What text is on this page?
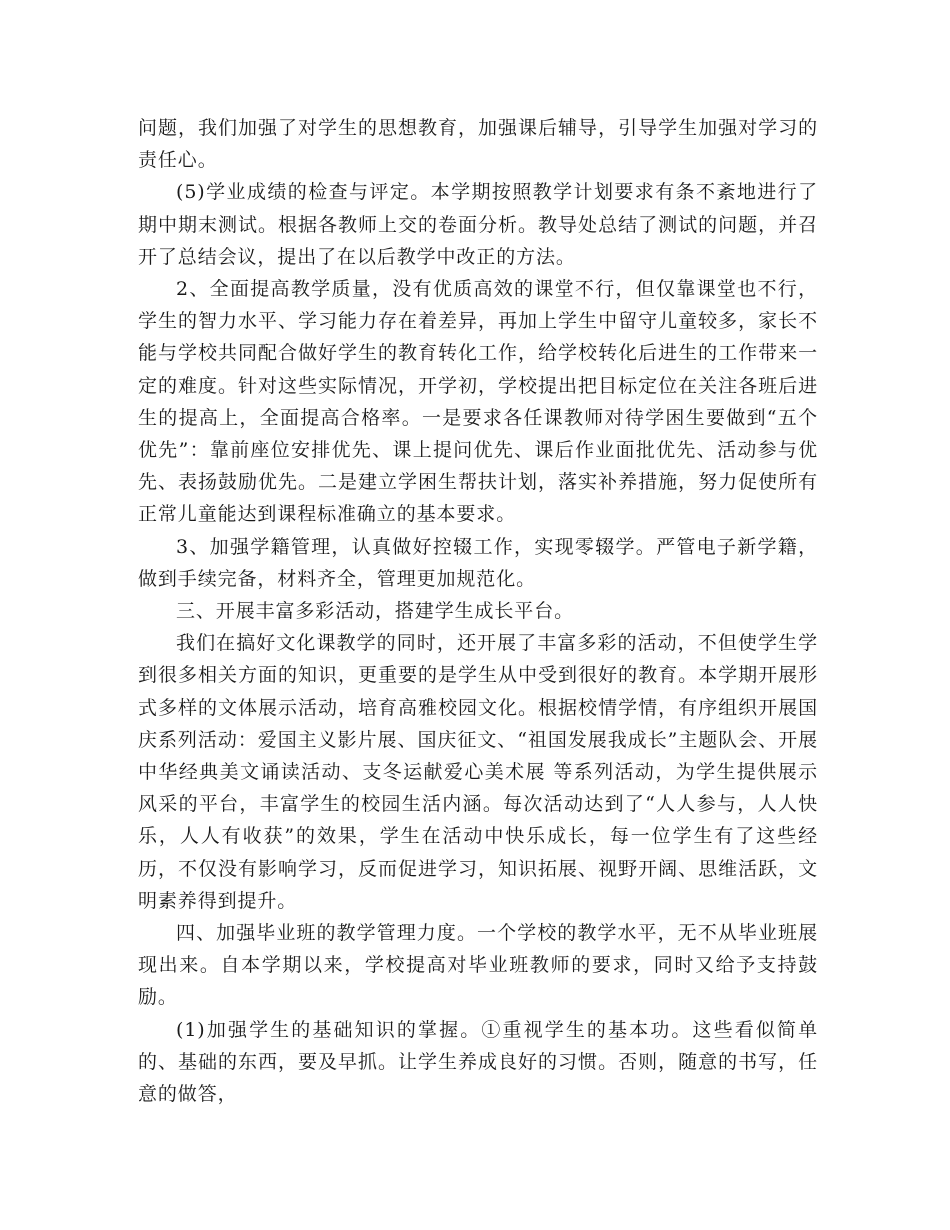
问题，我们加强了对学生的思想教育，加强课后辅导，引导学生加强对学习的责任心。

(5)学业成绩的检查与评定。本学期按照教学计划要求有条不紊地进行了期中期末测试。根据各教师上交的卷面分析。教导处总结了测试的问题，并召开了总结会议，提出了在以后教学中改正的方法。

2、全面提高教学质量，没有优质高效的课堂不行，但仅靠课堂也不行，学生的智力水平、学习能力存在着差异，再加上学生中留守儿童较多，家长不能与学校共同配合做好学生的教育转化工作，给学校转化后进生的工作带来一定的难度。针对这些实际情况，开学初，学校提出把目标定位在关注各班后进生的提高上，全面提高合格率。一是要求各任课教师对待学困生要做到“五个优先”：靠前座位安排优先、课上提问优先、课后作业面批优先、活动参与优先、表扬鼓励优先。二是建立学困生帮扶计划，落实补养措施，努力促使所有正常儿童能达到课程标准确立的基本要求。

3、加强学籍管理，认真做好控辍工作，实现零辍学。严管电子新学籍，做到手续完备，材料齐全，管理更加规范化。

三、开展丰富多彩活动，搭建学生成长平台。

我们在搞好文化课教学的同时，还开展了丰富多彩的活动，不但使学生学到很多相关方面的知识，更重要的是学生从中受到很好的教育。本学期开展形式多样的文体展示活动，培育高雅校园文化。根据校情学情，有序组织开展国庆系列活动：爱国主义影片展、国庆征文、“祖国发展我成长”主题队会、开展中华经典美文诵读活动、支冬运献爱心美术展 等系列活动，为学生提供展示风采的平台，丰富学生的校园生活内涵。每次活动达到了“人人参与，人人快乐，人人有收获”的效果，学生在活动中快乐成长，每一位学生有了这些经历，不仅没有影响学习，反而促进学习，知识拓展、视野开阔、思维活跃，文明素养得到提升。

四、加强毕业班的教学管理力度。一个学校的教学水平，无不从毕业班展现出来。自本学期以来，学校提高对毕业班教师的要求，同时又给予支持鼓励。

(1)加强学生的基础知识的掌握。①重视学生的基本功。这些看似简单的、基础的东西，要及早抓。让学生养成良好的习惯。否则，随意的书写，任意的做答，
